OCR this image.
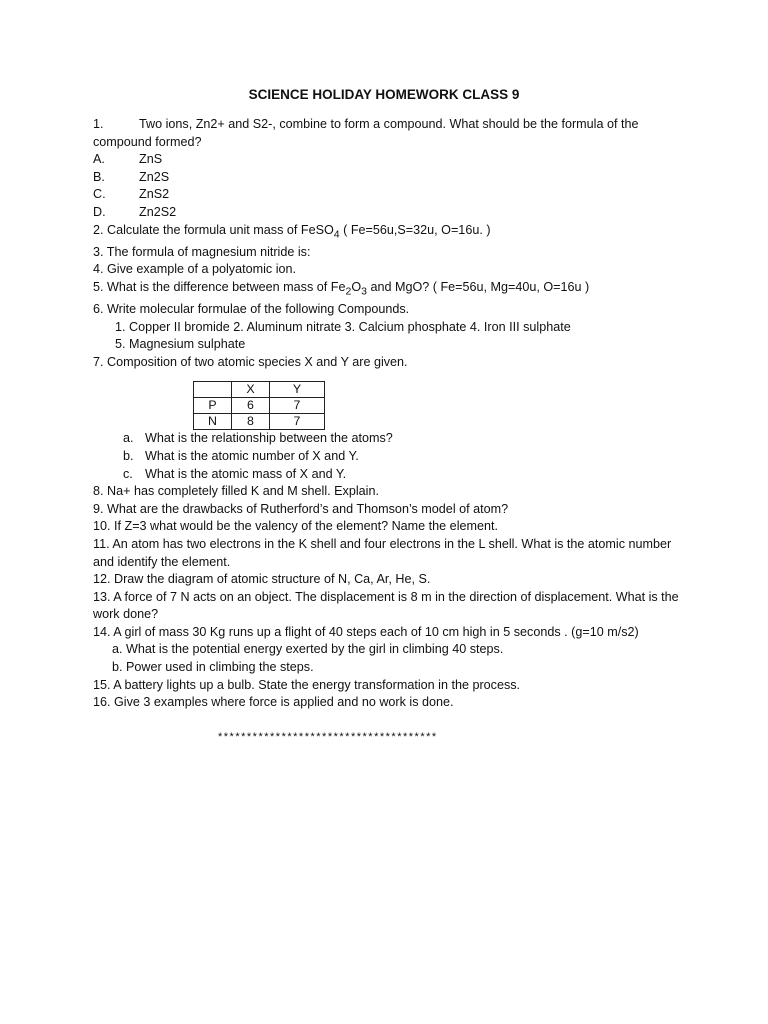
SCIENCE HOLIDAY HOMEWORK CLASS 9
1.	Two ions, Zn2+ and S2-, combine to form a compound. What should be the formula of the compound formed?
A.	ZnS
B.	Zn2S
C.	ZnS2
D.	Zn2S2
2. Calculate the formula unit mass of FeSO$_4$ ( Fe=56u,S=32u, O=16u. )
3. The formula of magnesium nitride is:
4. Give example of a polyatomic ion.
5. What is the difference between mass of $Fe_2O_3$ and MgO? ( Fe=56u, Mg=40u, O=16u )
6. Write molecular formulae of the following Compounds.
1. Copper II bromide 2. Aluminum nitrate 3. Calcium phosphate 4. Iron III sulphate
5. Magnesium sulphate
7. Composition of two atomic species X and Y are given.
	X	Y
P	6	7
N	8	7
a. What is the relationship between the atoms?
b. What is the atomic number of X and Y.
c. What is the atomic mass of X and Y.
8. Na+ has completely filled K and M shell. Explain.
9. What are the drawbacks of Rutherford’s and Thomson’s model of atom?
10. If Z=3 what would be the valency of the element? Name the element.
11. An atom has two electrons in the K shell and four electrons in the L shell. What is the atomic number and identify the element.
12. Draw the diagram of atomic structure of N, Ca, Ar, He, S.
13. A force of 7 N acts on an object. The displacement is 8 m in the direction of displacement. What is the work done?
14. A girl of mass 30 Kg runs up a flight of 40 steps each of 10 cm high in 5 seconds . (g=10 m/s2)
a. What is the potential energy exerted by the girl in climbing 40 steps.
b. Power used in climbing the steps.
15. A battery lights up a bulb. State the energy transformation in the process.
16. Give 3 examples where force is applied and no work is done.
**************************************
